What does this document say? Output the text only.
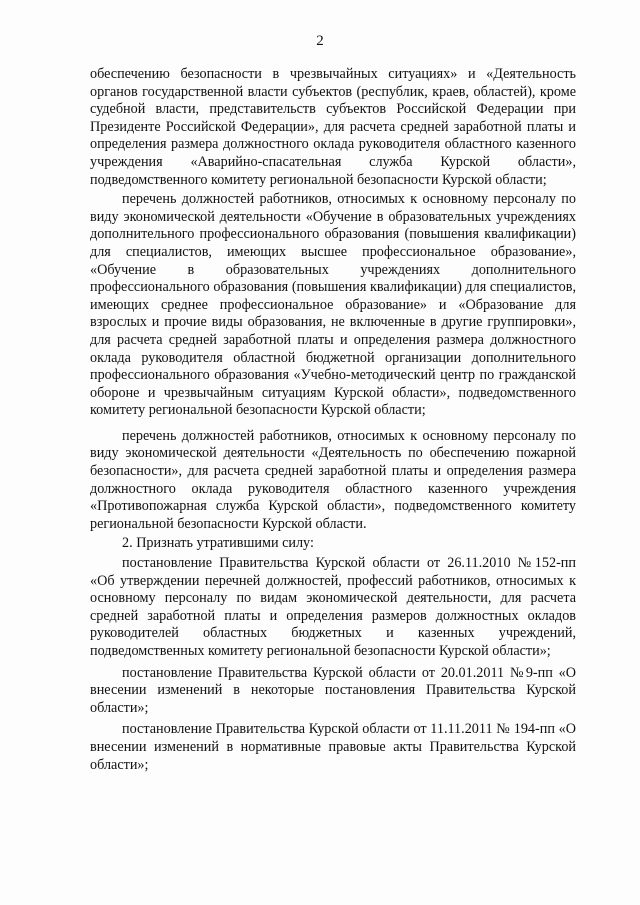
2

обеспечению безопасности в чрезвычайных ситуациях» и «Деятельность органов государственной власти субъектов (республик, краев, областей), кроме судебной власти, представительств субъектов Российской Федерации при Президенте Российской Федерации», для расчета средней заработной платы и определения размера должностного оклада руководителя областного казенного учреждения «Аварийно-спасательная служба Курской области», подведомственного комитету региональной безопасности Курской области;

перечень должностей работников, относимых к основному персоналу по виду экономической деятельности «Обучение в образовательных учреждениях дополнительного профессионального образования (повышения квалификации) для специалистов, имеющих высшее профессиональное образование», «Обучение в образовательных учреждениях дополнительного профессионального образования (повышения квалификации) для специалистов, имеющих среднее профессиональное образование» и «Образование для взрослых и прочие виды образования, не включенные в другие группировки», для расчета средней заработной платы и определения размера должностного оклада руководителя областной бюджетной организации дополнительного профессионального образования «Учебно-методический центр по гражданской обороне и чрезвычайным ситуациям Курской области», подведомственного комитету региональной безопасности Курской области;

перечень должностей работников, относимых к основному персоналу по виду экономической деятельности «Деятельность по обеспечению пожарной безопасности», для расчета средней заработной платы и определения размера должностного оклада руководителя областного казенного учреждения «Противопожарная служба Курской области», подведомственного комитету региональной безопасности Курской области.

2. Признать утратившими силу:

постановление Правительства Курской области от 26.11.2010 №152-пп «Об утверждении перечней должностей, профессий работников, относимых к основному персоналу по видам экономической деятельности, для расчета средней заработной платы и определения размеров должностных окладов руководителей областных бюджетных и казенных учреждений, подведомственных комитету региональной безопасности Курской области»;

постановление Правительства Курской области от 20.01.2011 №9-пп «О внесении изменений в некоторые постановления Правительства Курской области»;

постановление Правительства Курской области от 11.11.2011 № 194-пп «О внесении изменений в нормативные правовые акты Правительства Курской области»;
